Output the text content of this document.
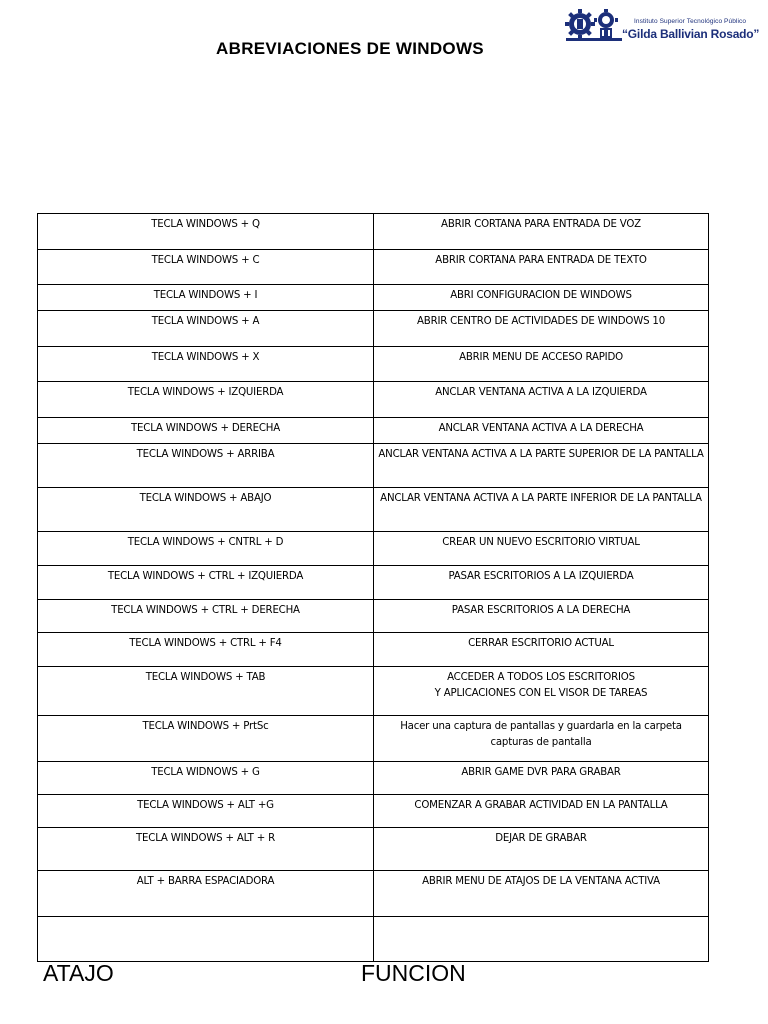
Instituto Superior Tecnológico Público
“Gilda Ballivian Rosado”
ABREVIACIONES DE WINDOWS
TECLA WINDOWS + Q	ABRIR CORTANA PARA ENTRADA DE VOZ
TECLA WINDOWS + C	ABRIR CORTANA PARA ENTRADA DE TEXTO
TECLA WINDOWS + I	ABRI CONFIGURACION DE WINDOWS
TECLA WINDOWS + A	ABRIR CENTRO DE ACTIVIDADES DE WINDOWS 10
TECLA WINDOWS + X	ABRIR MENU DE ACCESO RAPIDO
TECLA WINDOWS + IZQUIERDA	ANCLAR VENTANA ACTIVA A LA IZQUIERDA
TECLA WINDOWS + DERECHA	ANCLAR VENTANA ACTIVA A LA DERECHA
TECLA WINDOWS + ARRIBA	ANCLAR VENTANA ACTIVA A LA PARTE SUPERIOR DE LA PANTALLA
TECLA WINDOWS + ABAJO	ANCLAR VENTANA ACTIVA A LA PARTE INFERIOR DE LA PANTALLA
TECLA WINDOWS + CNTRL + D	CREAR UN NUEVO ESCRITORIO VIRTUAL
TECLA WINDOWS + CTRL + IZQUIERDA	PASAR ESCRITORIOS A LA IZQUIERDA
TECLA WINDOWS + CTRL + DERECHA	PASAR ESCRITORIOS A LA DERECHA
TECLA WINDOWS + CTRL + F4	CERRAR ESCRITORIO ACTUAL
TECLA WINDOWS + TAB	ACCEDER A TODOS LOS ESCRITORIOS
Y APLICACIONES CON EL VISOR DE TAREAS
TECLA WINDOWS + PrtSc	Hacer una captura de pantallas y guardarla en la carpeta capturas de pantalla
TECLA WIDNOWS + G	ABRIR GAME DVR PARA GRABAR
TECLA WINDOWS + ALT +G	COMENZAR A GRABAR ACTIVIDAD EN LA PANTALLA
TECLA WINDOWS + ALT + R	DEJAR DE GRABAR
ALT + BARRA ESPACIADORA	ABRIR MENU DE ATAJOS DE LA VENTANA ACTIVA

ATAJO	FUNCION
